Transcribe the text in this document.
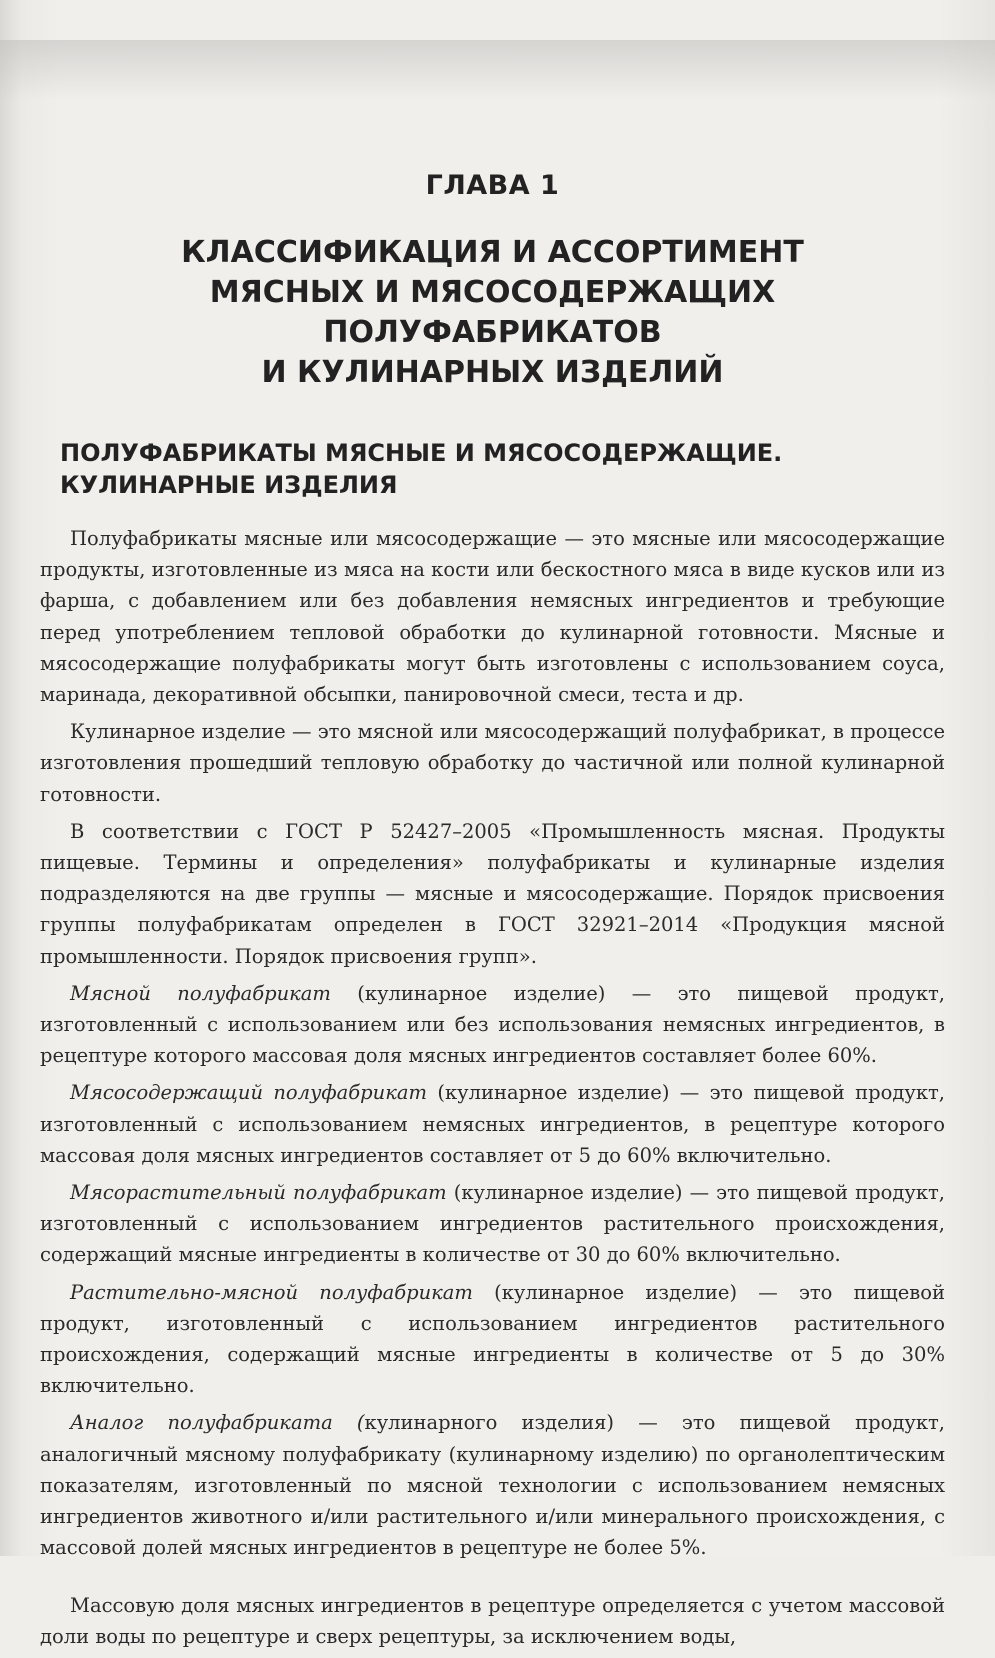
ГЛАВА 1
КЛАССИФИКАЦИЯ И АССОРТИМЕНТ
МЯСНЫХ И МЯСОСОДЕРЖАЩИХ ПОЛУФАБРИКАТОВ
И КУЛИНАРНЫХ ИЗДЕЛИЙ
ПОЛУФАБРИКАТЫ МЯСНЫЕ И МЯСОСОДЕРЖАЩИЕ.
КУЛИНАРНЫЕ ИЗДЕЛИЯ

Полуфабрикаты мясные или мясосодержащие — это мясные или мясосодержащие продукты, изготовленные из мяса на кости или бескостного мяса в виде кусков или из фарша, с добавлением или без добавления немясных ингредиентов и требующие перед употреблением тепловой обработки до кулинарной готовности. Мясные и мясосодержащие полуфабрикаты могут быть изготовлены с использованием соуса, маринада, декоративной обсыпки, панировочной смеси, теста и др.

Кулинарное изделие — это мясной или мясосодержащий полуфабрикат, в процессе изготовления прошедший тепловую обработку до частичной или полной кулинарной готовности.

В соответствии с ГОСТ Р 52427–2005 «Промышленность мясная. Продукты пищевые. Термины и определения» полуфабрикаты и кулинарные изделия подразделяются на две группы — мясные и мясосодержащие. Порядок присвоения группы полуфабрикатам определен в ГОСТ 32921–2014 «Продукция мясной промышленности. Порядок присвоения групп».

Мясной полуфабрикат (кулинарное изделие) — это пищевой продукт, изготовленный с использованием или без использования немясных ингредиентов, в рецептуре которого массовая доля мясных ингредиентов составляет более 60%.

Мясосодержащий полуфабрикат (кулинарное изделие) — это пищевой продукт, изготовленный с использованием немясных ингредиентов, в рецептуре которого массовая доля мясных ингредиентов составляет от 5 до 60% включительно.

Мясорастительный полуфабрикат (кулинарное изделие) — это пищевой продукт, изготовленный с использованием ингредиентов растительного происхождения, содержащий мясные ингредиенты в количестве от 30 до 60% включительно.

Растительно-мясной полуфабрикат (кулинарное изделие) — это пищевой продукт, изготовленный с использованием ингредиентов растительного происхождения, содержащий мясные ингредиенты в количестве от 5 до 30% включительно.

Аналог полуфабриката (кулинарного изделия) — это пищевой продукт, аналогичный мясному полуфабрикату (кулинарному изделию) по органолептическим показателям, изготовленный по мясной технологии с использованием немясных ингредиентов животного и/или растительного и/или минерального происхождения, с массовой долей мясных ингредиентов в рецептуре не более 5%.

Массовую доля мясных ингредиентов в рецептуре определяется с учетом массовой доли воды по рецептуре и сверх рецептуры, за исключением воды,
